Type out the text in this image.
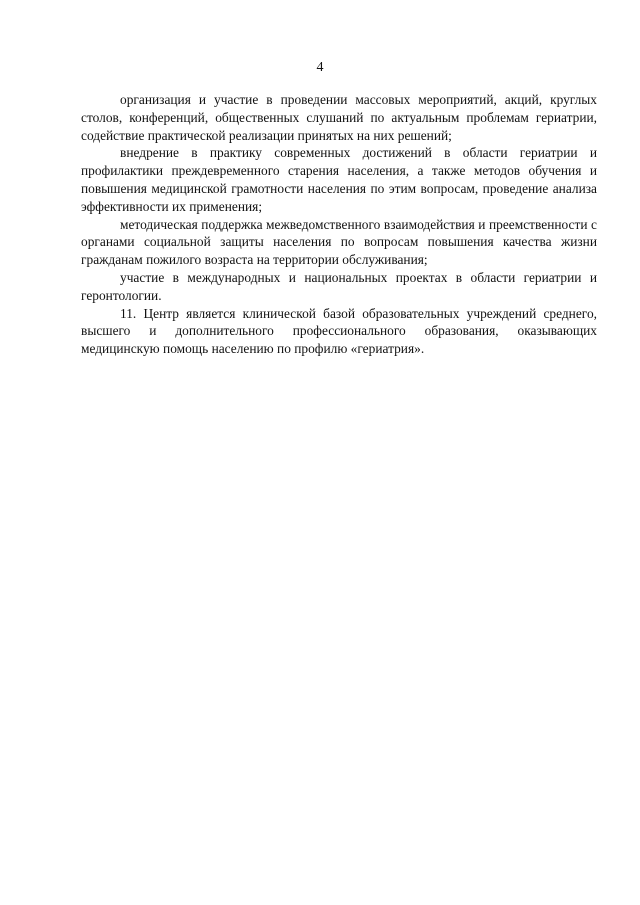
4

организация и участие в проведении массовых мероприятий, акций, круглых столов, конференций, общественных слушаний по актуальным проблемам гериатрии, содействие практической реализации принятых на них решений;

внедрение в практику современных достижений в области гериатрии и профилактики преждевременного старения населения, а также методов обучения и повышения медицинской грамотности населения по этим вопросам, проведение анализа эффективности их применения;

методическая поддержка межведомственного взаимодействия и преемственности с органами социальной защиты населения по вопросам повышения качества жизни гражданам пожилого возраста на территории обслуживания;

участие в международных и национальных проектах в области гериатрии и геронтологии.

11. Центр является клинической базой образовательных учреждений среднего, высшего и дополнительного профессионального образования, оказывающих медицинскую помощь населению по профилю «гериатрия».
